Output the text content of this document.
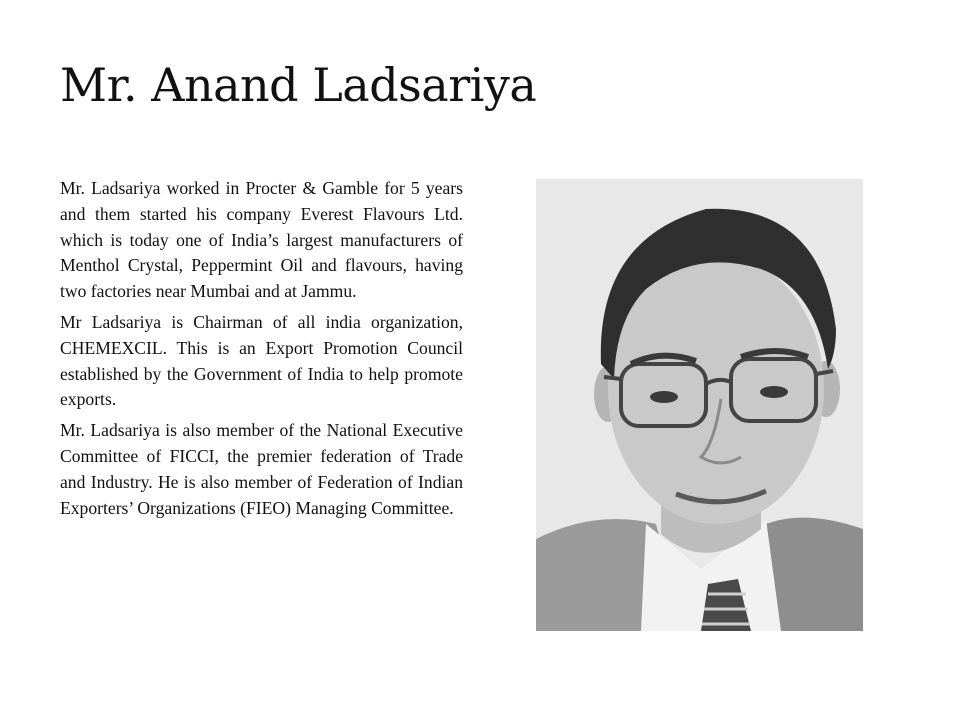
Mr. Anand Ladsariya

Mr. Ladsariya worked in Procter & Gamble for 5 years and them started his company Everest Flavours Ltd. which is today one of India’s largest manufacturers of Menthol Crystal, Peppermint Oil and flavours, having two factories near Mumbai and at Jammu.

Mr Ladsariya is Chairman of all india organization, CHEMEXCIL. This is an Export Promotion Council established by the Government of India to help promote exports.

Mr. Ladsariya is also member of the National Executive Committee of FICCI, the premier federation of Trade and Industry. He is also member of Federation of Indian Exporters’ Organizations (FIEO) Managing Committee.
